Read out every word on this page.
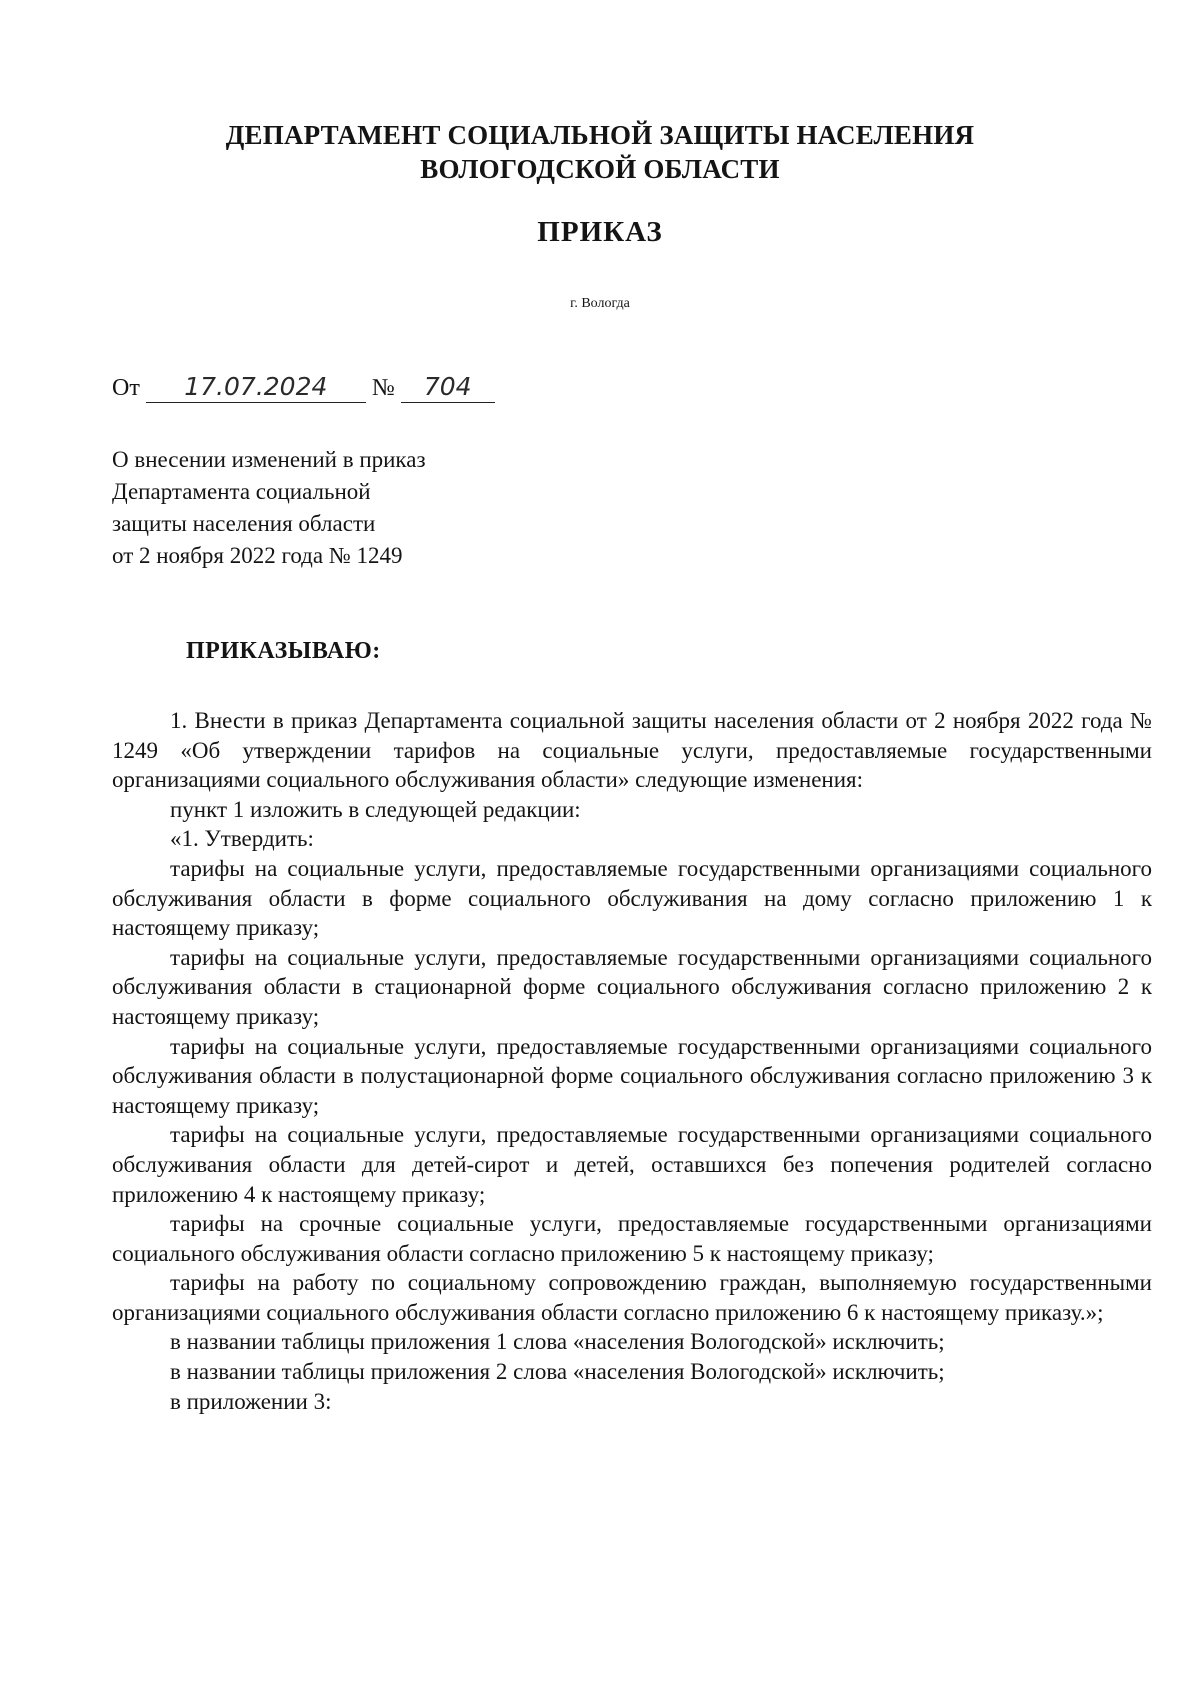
ДЕПАРТАМЕНТ СОЦИАЛЬНОЙ ЗАЩИТЫ НАСЕЛЕНИЯ
ВОЛОГОДСКОЙ ОБЛАСТИ
ПРИКАЗ
г. Вологда
От 17.07.2024 № 704
О внесении изменений в приказ
Департамента социальной
защиты населения области
от 2 ноября 2022 года № 1249
ПРИКАЗЫВАЮ:

1. Внести в приказ Департамента социальной защиты населения области от 2 ноября 2022 года № 1249 «Об утверждении тарифов на социальные услуги, предоставляемые государственными организациями социального обслуживания области» следующие изменения:

пункт 1 изложить в следующей редакции:

«1. Утвердить:

тарифы на социальные услуги, предоставляемые государственными организациями социального обслуживания области в форме социального обслуживания на дому согласно приложению 1 к настоящему приказу;

тарифы на социальные услуги, предоставляемые государственными организациями социального обслуживания области в стационарной форме социального обслуживания согласно приложению 2 к настоящему приказу;

тарифы на социальные услуги, предоставляемые государственными организациями социального обслуживания области в полустационарной форме социального обслуживания согласно приложению 3 к настоящему приказу;

тарифы на социальные услуги, предоставляемые государственными организациями социального обслуживания области для детей-сирот и детей, оставшихся без попечения родителей согласно приложению 4 к настоящему приказу;

тарифы на срочные социальные услуги, предоставляемые государственными организациями социального обслуживания области согласно приложению 5 к настоящему приказу;

тарифы на работу по социальному сопровождению граждан, выполняемую государственными организациями социального обслуживания области согласно приложению 6 к настоящему приказу.»;

в названии таблицы приложения 1 слова «населения Вологодской» исключить;

в названии таблицы приложения 2 слова «населения Вологодской» исключить;

в приложении 3:
